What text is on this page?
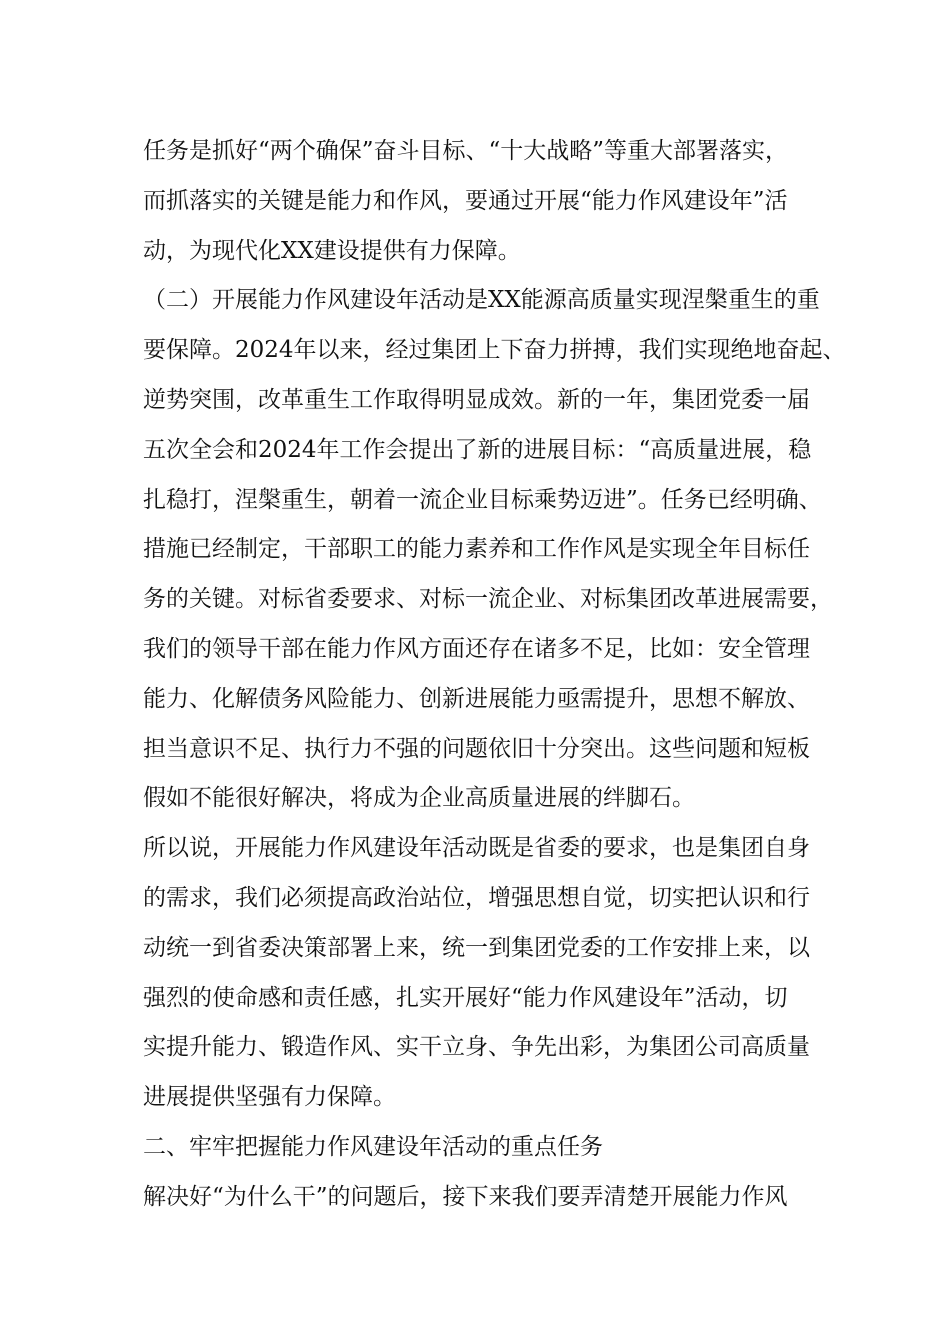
任务是抓好“两个确保”奋斗目标、“十大战略”等重大部署落实，
而抓落实的关键是能力和作风，要通过开展“能力作风建设年”活
动，为现代化XX建设提供有力保障。
（二）开展能力作风建设年活动是XX能源高质量实现涅槃重生的重
要保障。2024年以来，经过集团上下奋力拼搏，我们实现绝地奋起、
逆势突围，改革重生工作取得明显成效。新的一年，集团党委一届
五次全会和2024年工作会提出了新的进展目标：“高质量进展，稳
扎稳打，涅槃重生，朝着一流企业目标乘势迈进”。任务已经明确、
措施已经制定，干部职工的能力素养和工作作风是实现全年目标任
务的关键。对标省委要求、对标一流企业、对标集团改革进展需要，
我们的领导干部在能力作风方面还存在诸多不足，比如：安全管理
能力、化解债务风险能力、创新进展能力亟需提升，思想不解放、
担当意识不足、执行力不强的问题依旧十分突出。这些问题和短板
假如不能很好解决，将成为企业高质量进展的绊脚石。
所以说，开展能力作风建设年活动既是省委的要求，也是集团自身
的需求，我们必须提高政治站位，增强思想自觉，切实把认识和行
动统一到省委决策部署上来，统一到集团党委的工作安排上来，以
强烈的使命感和责任感，扎实开展好“能力作风建设年”活动，切
实提升能力、锻造作风、实干立身、争先出彩，为集团公司高质量
进展提供坚强有力保障。
二、牢牢把握能力作风建设年活动的重点任务
解决好“为什么干”的问题后，接下来我们要弄清楚开展能力作风
